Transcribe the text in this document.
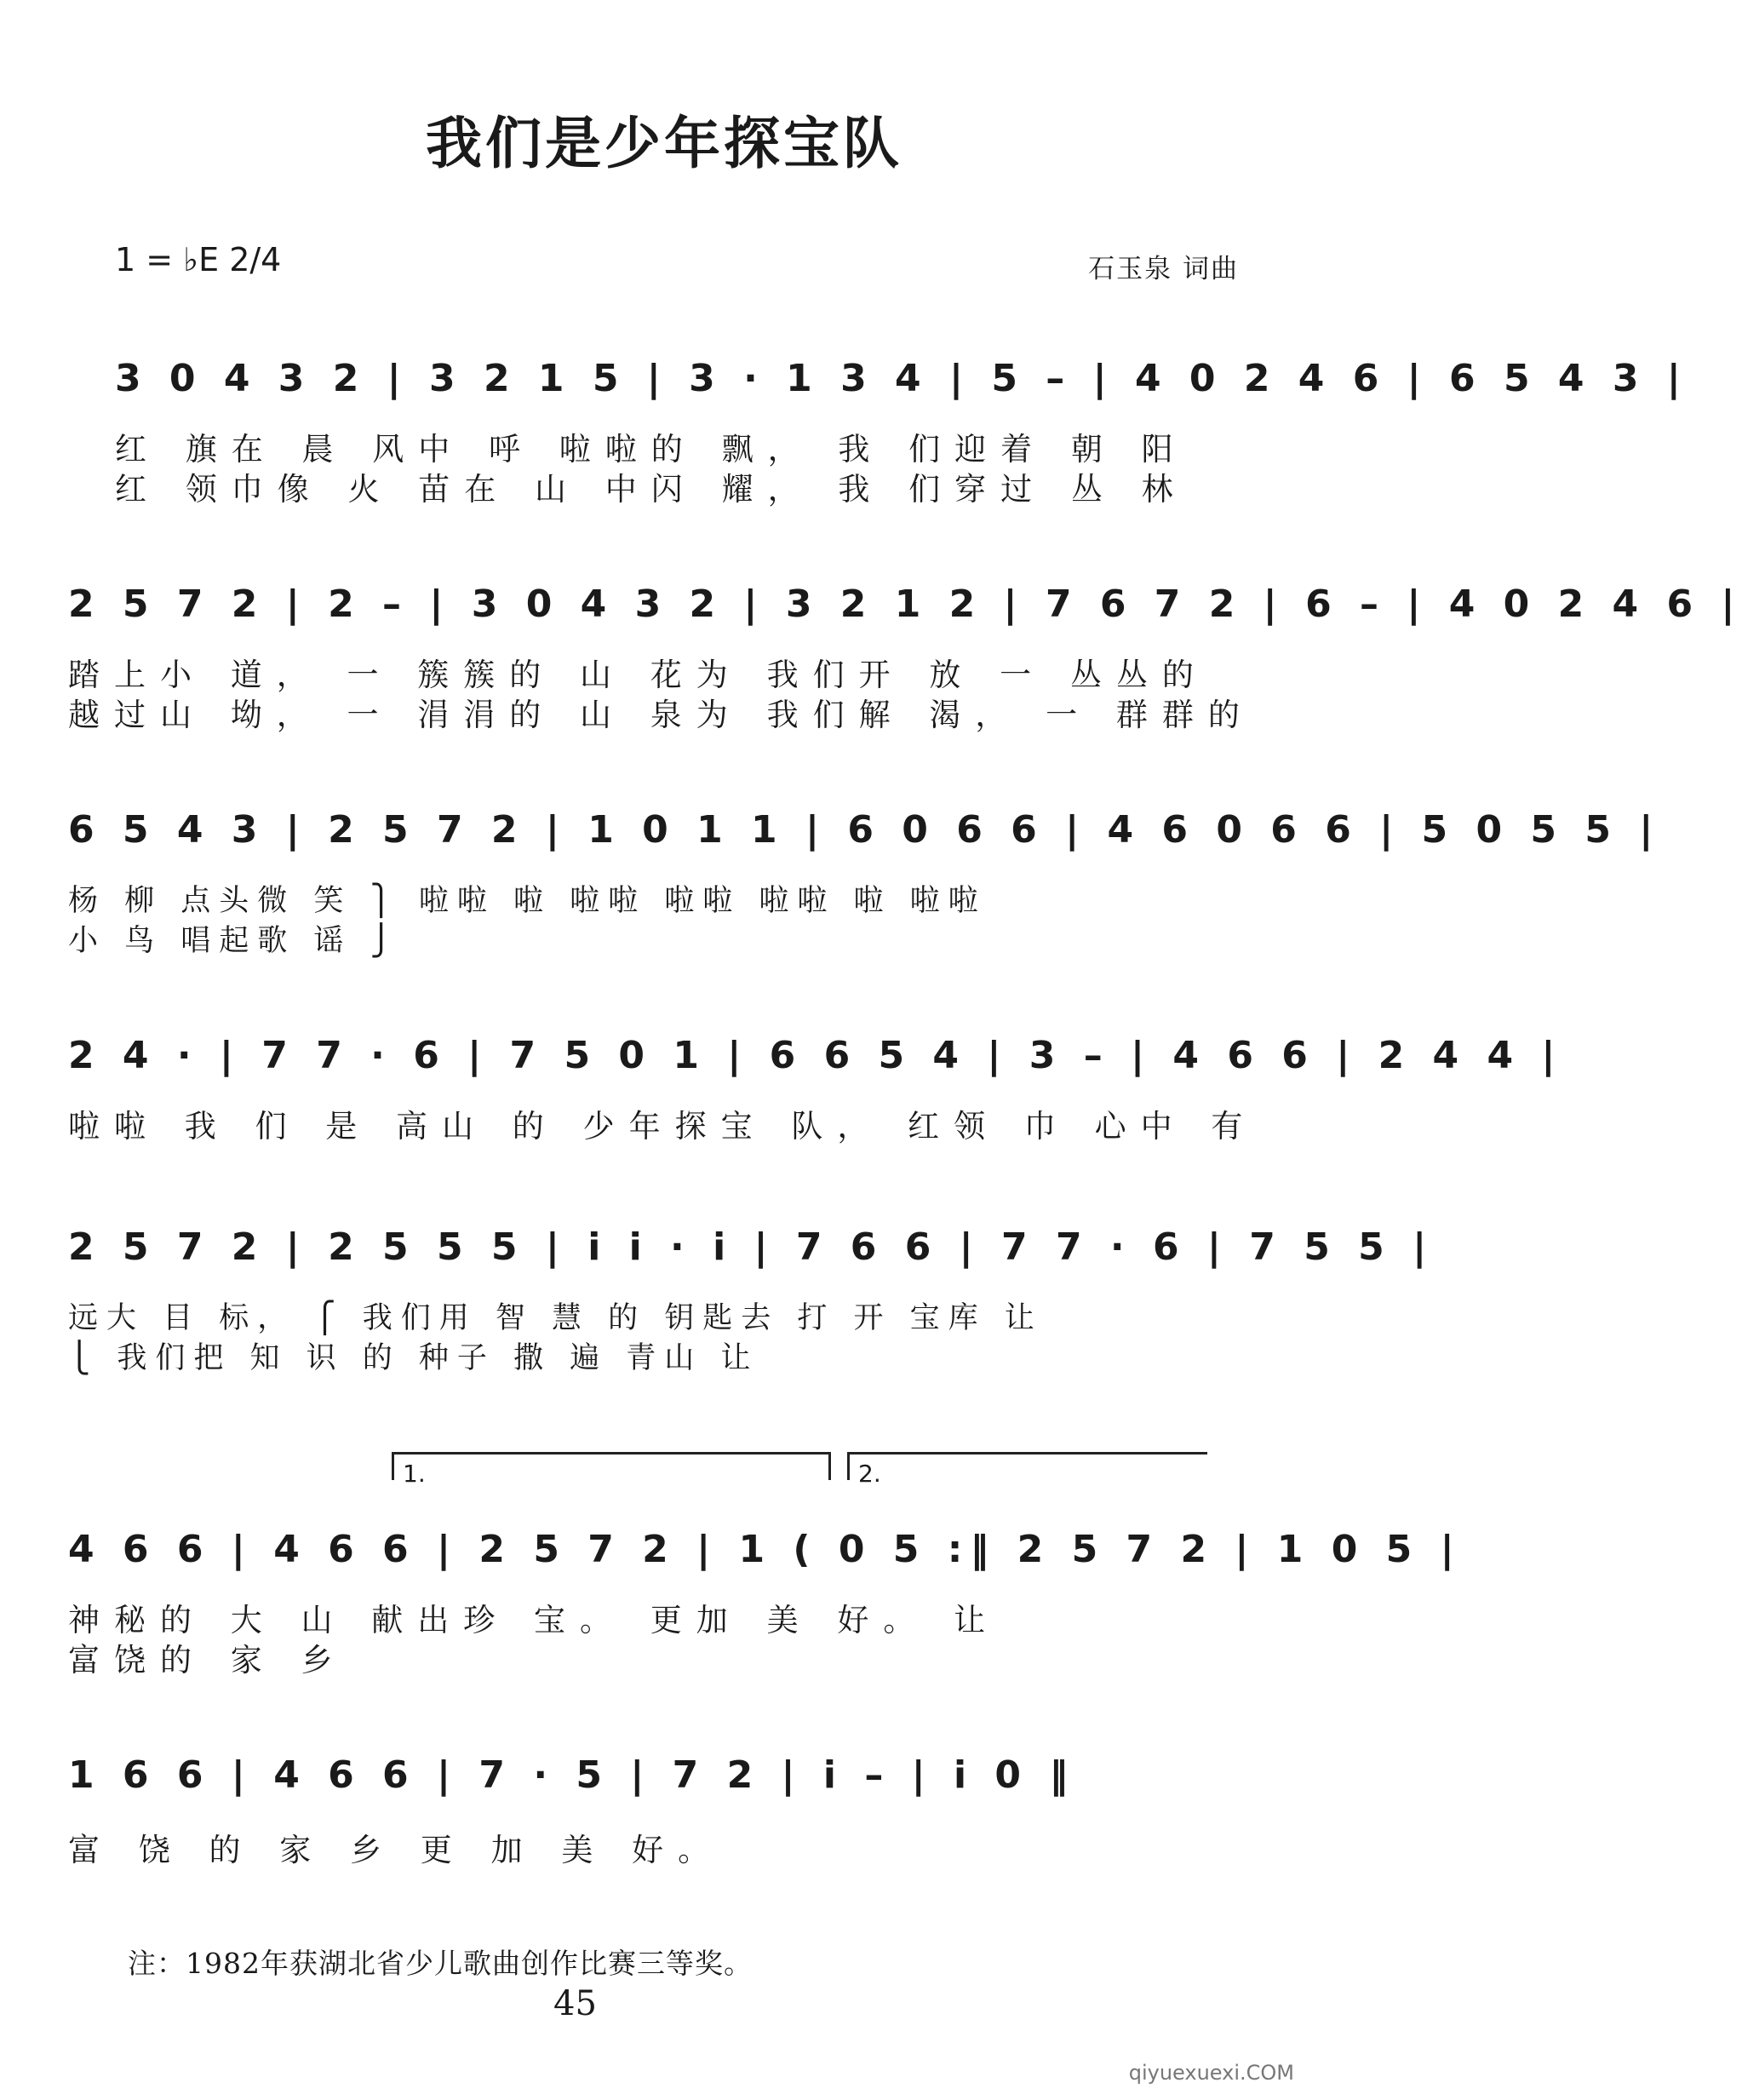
我们是少年探宝队
1 = ♭E 2/4	石玉泉 词曲
3 0 4 3 2 | 3 2 1 5 | 3 · 1 3 4 | 5 – | 4 0 2 4 6 | 6 5 4 3 |
红 旗在 晨 风中 呼 啦啦的 飘， 我 们迎着 朝 阳
红 领巾像 火 苗在 山 中闪 耀， 我 们穿过 丛 林
2 5 7 2 | 2 – | 3 0 4 3 2 | 3 2 1 2 | 7 6 7 2 | 6 – | 4 0 2 4 6 |
踏上小 道， 一 簇簇的 山 花为 我们开 放 一 丛丛的
越过山 坳， 一 涓涓的 山 泉为 我们解 渴， 一 群群的
6 5 4 3 | 2 5 7 2 | 1 0 1 1 | 6 0 6 6 | 4 6 0 6 6 | 5 0 5 5 |
杨 柳 点头微 笑 ⎫ 啦啦 啦 啦啦 啦啦 啦啦 啦 啦啦
小 鸟 唱起歌 谣 ⎭
2 4 · | 7 7 · 6 | 7 5 0 1 | 6 6 5 4 | 3 – | 4 6 6 | 2 4 4 |
啦啦 我 们 是 高山 的 少年探宝 队， 红领 巾 心中 有
2 5 7 2 | 2 5 5 5 | i i · i | 7 6 6 | 7 7 · 6 | 7 5 5 |
远大 目 标， ⎧ 我们用 智 慧 的 钥匙去 打 开 宝库 让
⎩ 我们把 知 识 的 种子 撒 遍 青山 让
1.	2.
4 6 6 | 4 6 6 | 2 5 7 2 | 1 ( 0 5 :‖ 2 5 7 2 | 1 0 5 |
神秘的 大 山 献出珍 宝。 更加 美 好。 让
富饶的 家 乡
1 6 6 | 4 6 6 | 7 · 5 | 7 2 | i – | i 0 ‖
富 饶 的 家 乡 更 加 美 好。
注：1982年获湖北省少儿歌曲创作比赛三等奖。
45
qiyuexuexi.COM
